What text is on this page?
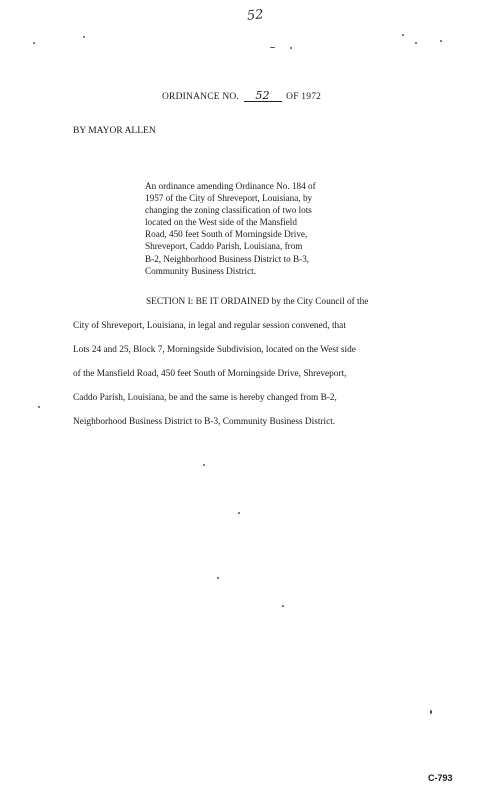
52
ORDINANCE NO. 52 OF 1972
BY MAYOR ALLEN

An ordinance amending Ordinance No. 184 of

1957 of the City of Shreveport, Louisiana, by

changing the zoning classification of two lots

located on the West side of the Mansfield

Road, 450 feet South of Morningside Drive,

Shreveport, Caddo Parish, Louisiana, from

B-2, Neighborhood Business District to B-3,

Community Business District.

SECTION I: BE IT ORDAINED by the City Council of the

City of Shreveport, Louisiana, in legal and regular session convened, that

Lots 24 and 25, Block 7, Morningside Subdivision, located on the West side

of the Mansfield Road, 450 feet South of Morningside Drive, Shreveport,

Caddo Parish, Louisiana, be and the same is hereby changed from B-2,

Neighborhood Business District to B-3, Community Business District.

C-793
